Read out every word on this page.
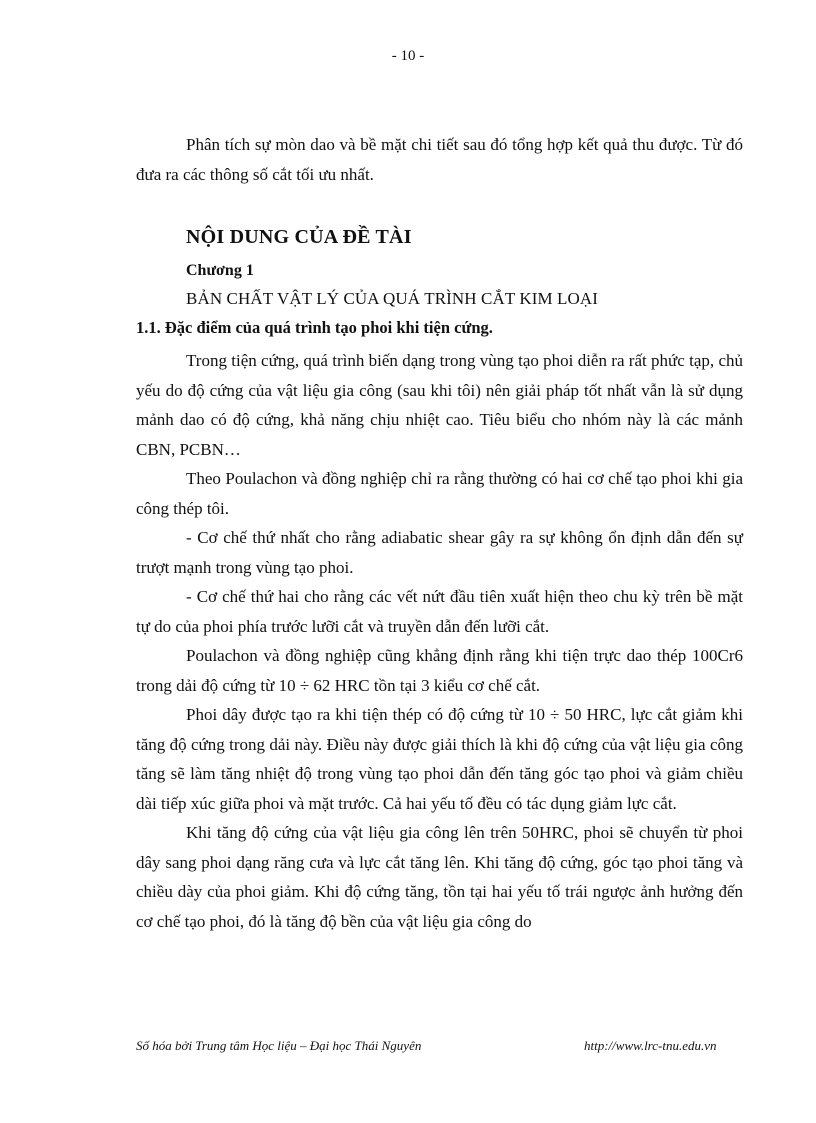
- 10 -

Phân tích sự mòn dao và bề mặt chi tiết sau đó tổng hợp kết quả thu được. Từ đó đưa ra các thông số cắt tối ưu nhất.

NỘI DUNG CỦA ĐỀ TÀI
Chương 1
BẢN CHẤT VẬT LÝ CỦA QUÁ TRÌNH CẮT KIM LOẠI
1.1. Đặc điểm của quá trình tạo phoi khi tiện cứng.

Trong tiện cứng, quá trình biến dạng trong vùng tạo phoi diễn ra rất phức tạp, chủ yếu do độ cứng của vật liệu gia công (sau khi tôi) nên giải pháp tốt nhất vẫn là sử dụng mảnh dao có độ cứng, khả năng chịu nhiệt cao. Tiêu biểu cho nhóm này là các mảnh CBN, PCBN…

Theo Poulachon và đồng nghiệp chỉ ra rằng thường có hai cơ chế tạo phoi khi gia công thép tôi.

- Cơ chế thứ nhất cho rằng adiabatic shear gây ra sự không ổn định dẫn đến sự trượt mạnh trong vùng tạo phoi.

- Cơ chế thứ hai cho rằng các vết nứt đầu tiên xuất hiện theo chu kỳ trên bề mặt tự do của phoi phía trước lưỡi cắt và truyền dẫn đến lưỡi cắt.

Poulachon và đồng nghiệp cũng khẳng định rằng khi tiện trực dao thép 100Cr6 trong dải độ cứng từ 10 ÷ 62 HRC tồn tại 3 kiểu cơ chế cắt.

Phoi dây được tạo ra khi tiện thép có độ cứng từ 10 ÷ 50 HRC, lực cắt giảm khi tăng độ cứng trong dải này. Điều này được giải thích là khi độ cứng của vật liệu gia công tăng sẽ làm tăng nhiệt độ trong vùng tạo phoi dẫn đến tăng góc tạo phoi và giảm chiều dài tiếp xúc giữa phoi và mặt trước. Cả hai yếu tố đều có tác dụng giảm lực cắt.

Khi tăng độ cứng của vật liệu gia công lên trên 50HRC, phoi sẽ chuyển từ phoi dây sang phoi dạng răng cưa và lực cắt tăng lên. Khi tăng độ cứng, góc tạo phoi tăng và chiều dày của phoi giảm. Khi độ cứng tăng, tồn tại hai yếu tố trái ngược ảnh hưởng đến cơ chế tạo phoi, đó là tăng độ bền của vật liệu gia công do

Số hóa bởi Trung tâm Học liệu – Đại học Thái Nguyên	http://www.lrc-tnu.edu.vn
